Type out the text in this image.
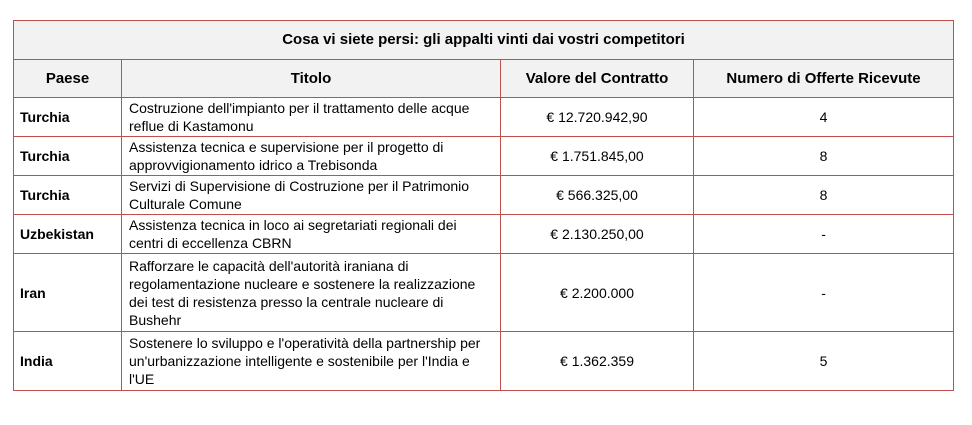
Cosa vi siete persi: gli appalti vinti dai vostri competitori			
Paese	Titolo	Valore del Contratto	Numero di Offerte Ricevute
Turchia	Costruzione dell'impianto per il trattamento delle acque reflue di Kastamonu	€ 12.720.942,90	4
Turchia	Assistenza tecnica e supervisione per il progetto di approvvigionamento idrico a Trebisonda	€ 1.751.845,00	8
Turchia	Servizi di Supervisione di Costruzione per il Patrimonio Culturale Comune	€ 566.325,00	8
Uzbekistan	Assistenza tecnica in loco ai segretariati regionali dei centri di eccellenza CBRN	€ 2.130.250,00	-
Iran	Rafforzare le capacità dell'autorità iraniana di regolamentazione nucleare e sostenere la realizzazione dei test di resistenza presso la centrale nucleare di Bushehr	€ 2.200.000	-
India	Sostenere lo sviluppo e l'operatività della partnership per un'urbanizzazione intelligente e sostenibile per l'India e l'UE	€ 1.362.359	5
